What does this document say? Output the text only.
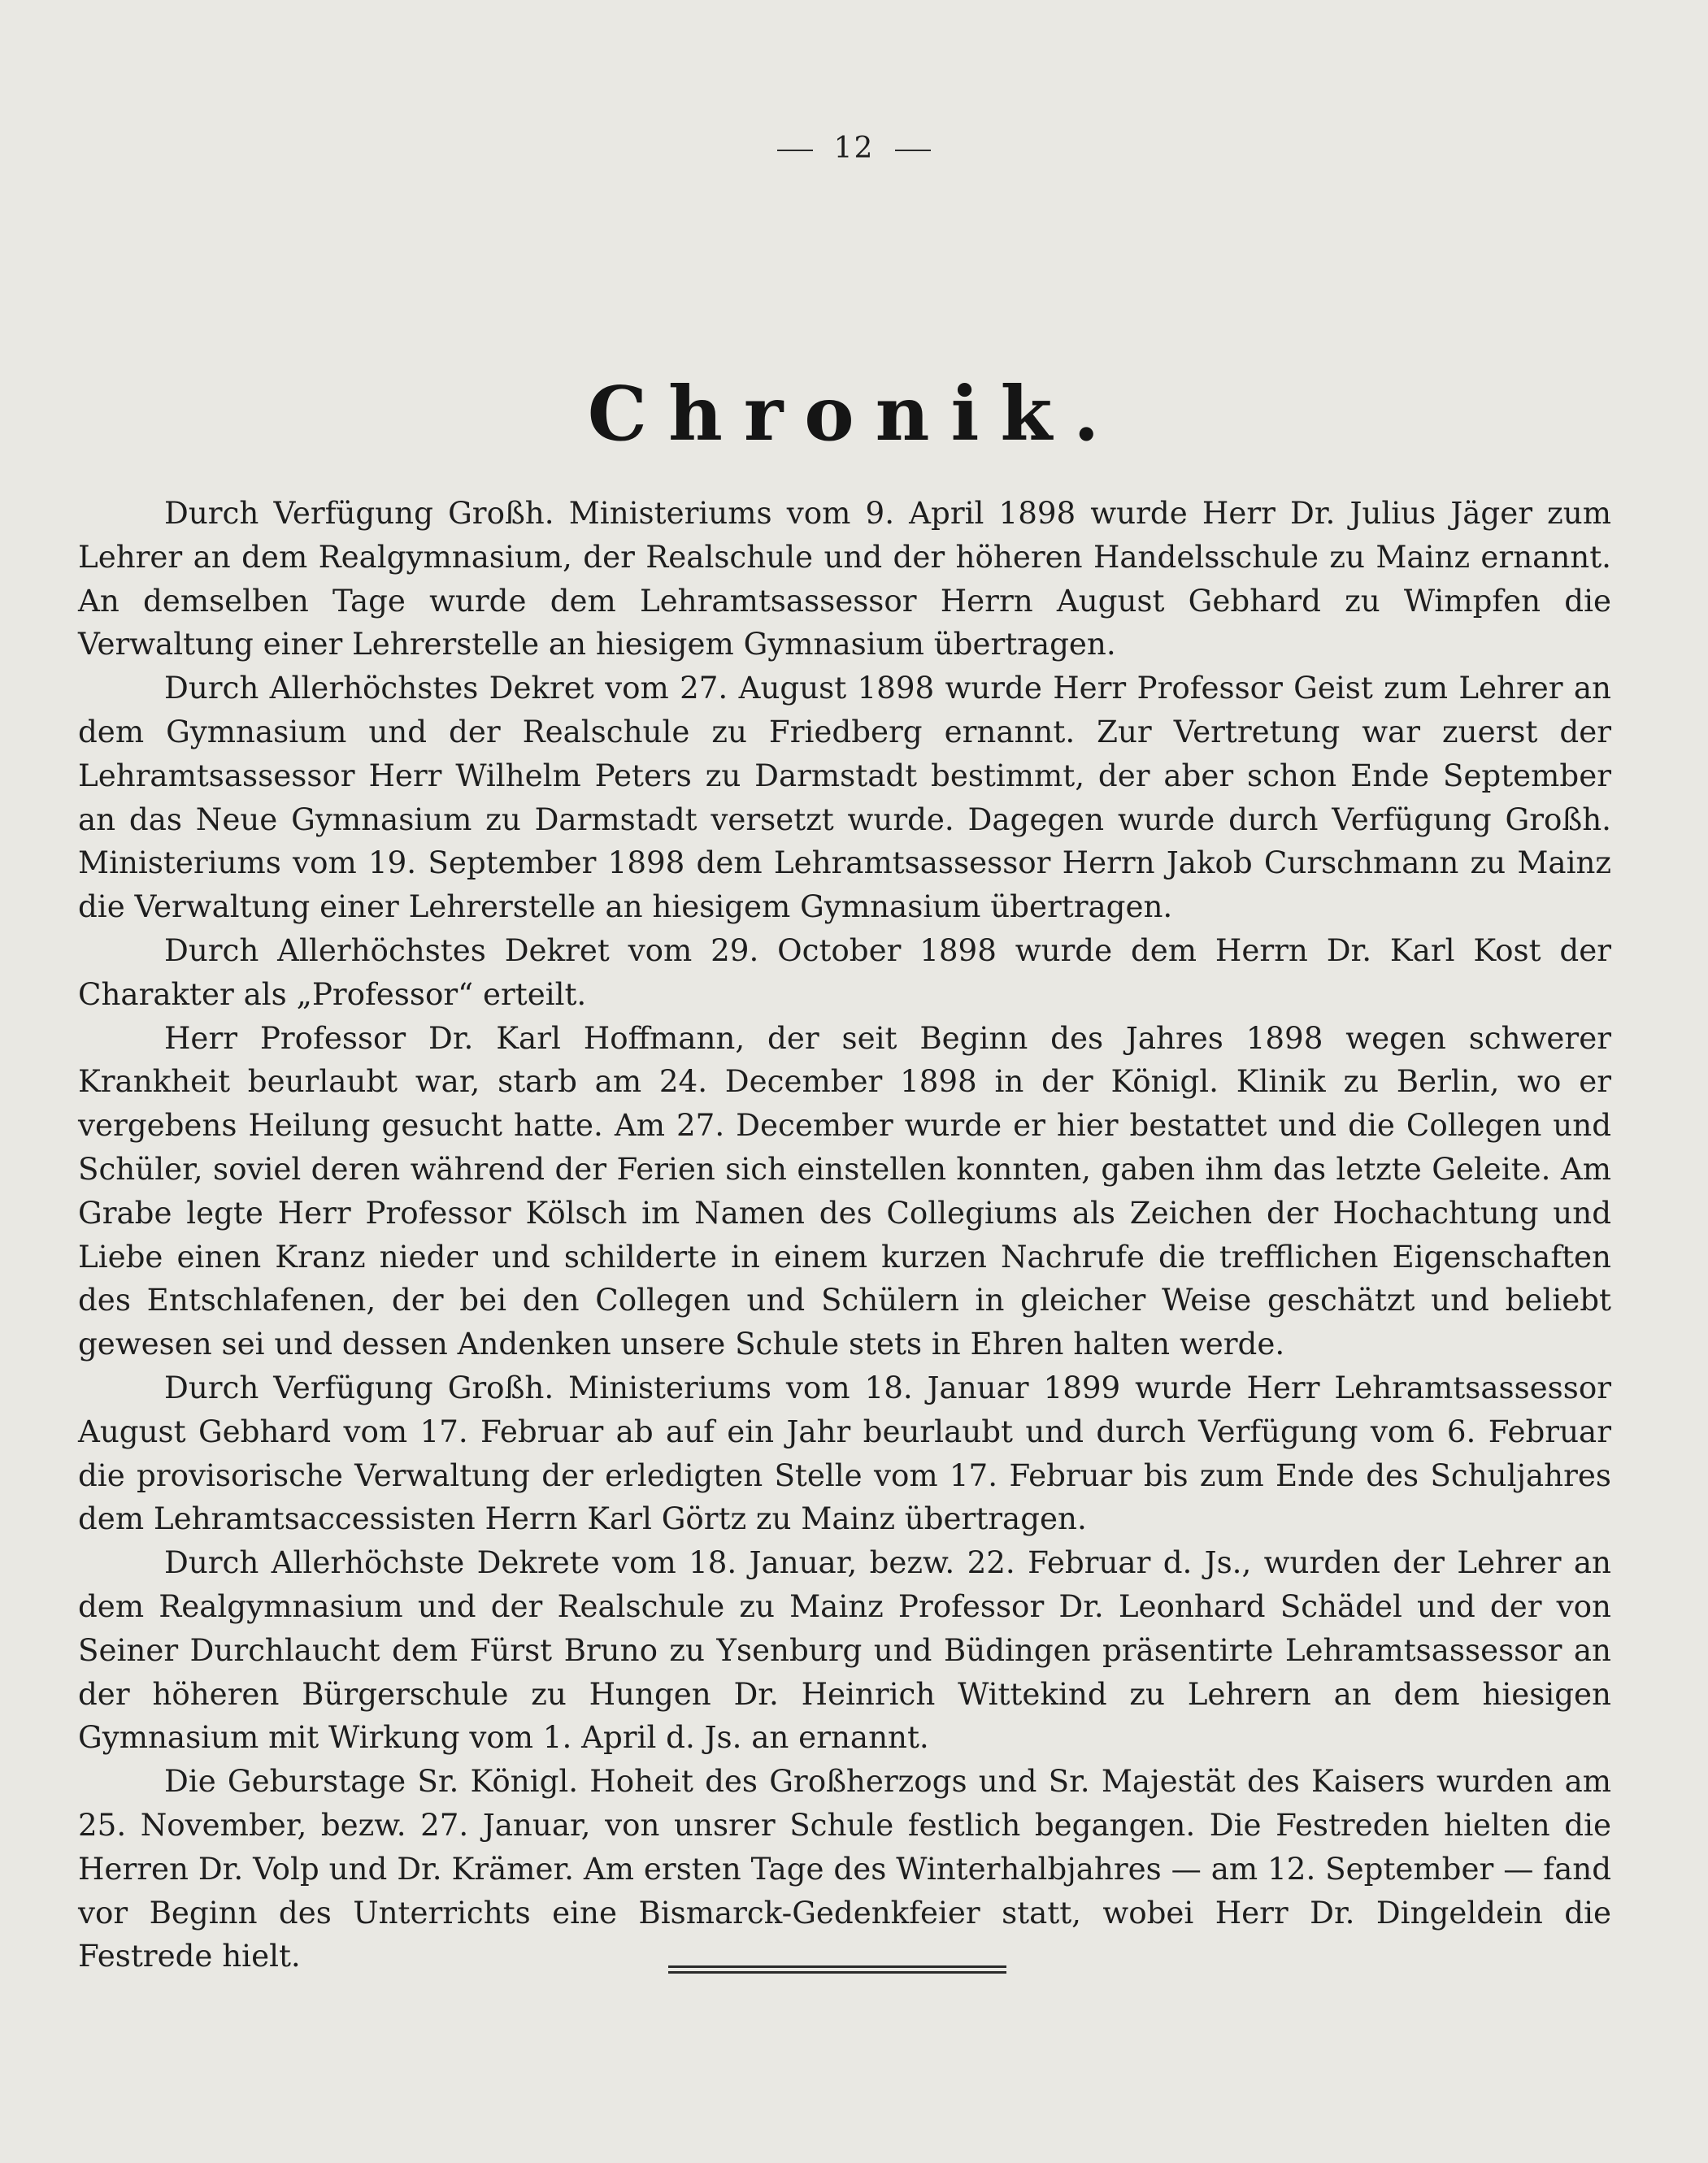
12
Chronik.

Durch Verfügung Großh. Ministeriums vom 9. April 1898 wurde Herr Dr. Julius Jäger zum Lehrer an dem Realgymnasium, der Realschule und der höheren Handelsschule zu Mainz ernannt. An demselben Tage wurde dem Lehramtsassessor Herrn August Gebhard zu Wimpfen die Verwaltung einer Lehrerstelle an hiesigem Gymnasium übertragen.

Durch Allerhöchstes Dekret vom 27. August 1898 wurde Herr Professor Geist zum Lehrer an dem Gymnasium und der Realschule zu Friedberg ernannt. Zur Vertretung war zuerst der Lehramtsassessor Herr Wilhelm Peters zu Darmstadt bestimmt, der aber schon Ende September an das Neue Gymnasium zu Darmstadt versetzt wurde. Dagegen wurde durch Verfügung Großh. Ministeriums vom 19. September 1898 dem Lehramtsassessor Herrn Jakob Curschmann zu Mainz die Verwaltung einer Lehrerstelle an hiesigem Gymnasium übertragen.

Durch Allerhöchstes Dekret vom 29. October 1898 wurde dem Herrn Dr. Karl Kost der Charakter als „Professor“ erteilt.

Herr Professor Dr. Karl Hoffmann, der seit Beginn des Jahres 1898 wegen schwerer Krankheit beurlaubt war, starb am 24. December 1898 in der Königl. Klinik zu Berlin, wo er vergebens Heilung gesucht hatte. Am 27. December wurde er hier bestattet und die Collegen und Schüler, soviel deren während der Ferien sich einstellen konnten, gaben ihm das letzte Geleite. Am Grabe legte Herr Professor Kölsch im Namen des Collegiums als Zeichen der Hochachtung und Liebe einen Kranz nieder und schilderte in einem kurzen Nachrufe die trefflichen Eigenschaften des Entschlafenen, der bei den Collegen und Schülern in gleicher Weise geschätzt und beliebt gewesen sei und dessen Andenken unsere Schule stets in Ehren halten werde.

Durch Verfügung Großh. Ministeriums vom 18. Januar 1899 wurde Herr Lehramtsassessor August Gebhard vom 17. Februar ab auf ein Jahr beurlaubt und durch Verfügung vom 6. Februar die provisorische Verwaltung der erledigten Stelle vom 17. Februar bis zum Ende des Schuljahres dem Lehramtsaccessisten Herrn Karl Görtz zu Mainz übertragen.

Durch Allerhöchste Dekrete vom 18. Januar, bezw. 22. Februar d. Js., wurden der Lehrer an dem Realgymnasium und der Realschule zu Mainz Professor Dr. Leonhard Schädel und der von Seiner Durchlaucht dem Fürst Bruno zu Ysenburg und Büdingen präsentirte Lehramtsassessor an der höheren Bürgerschule zu Hungen Dr. Heinrich Wittekind zu Lehrern an dem hiesigen Gymnasium mit Wirkung vom 1. April d. Js. an ernannt.

Die Geburstage Sr. Königl. Hoheit des Großherzogs und Sr. Majestät des Kaisers wurden am 25. November, bezw. 27. Januar, von unsrer Schule festlich begangen. Die Festreden hielten die Herren Dr. Volp und Dr. Krämer. Am ersten Tage des Winterhalbjahres — am 12. September — fand vor Beginn des Unterrichts eine Bismarck-Gedenkfeier statt, wobei Herr Dr. Dingeldein die Festrede hielt.
